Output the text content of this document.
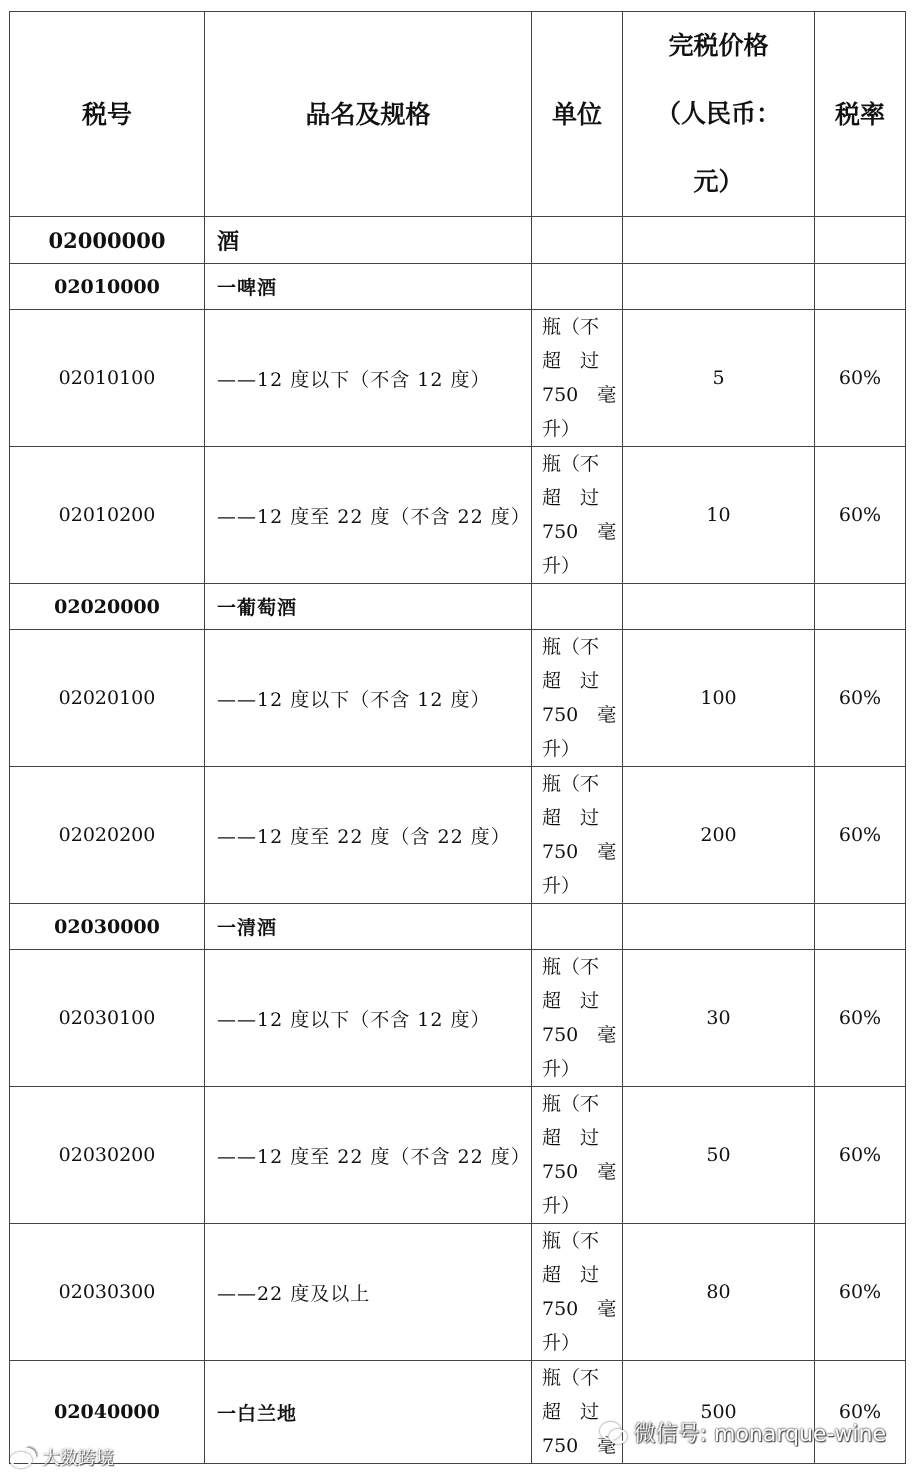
税号	品名及规格	单位	完税价格
（人民币：
元）	税率
02000000	酒			
02010000	一啤酒			
02010100	——12 度以下（不含 12 度）	瓶（不
超　过
750　毫
升）	5	60%
02010200	——12 度至 22 度（不含 22 度）	瓶（不
超　过
750　毫
升）	10	60%
02020000	一葡萄酒			
02020100	——12 度以下（不含 12 度）	瓶（不
超　过
750　毫
升）	100	60%
02020200	——12 度至 22 度（含 22 度）	瓶（不
超　过
750　毫
升）	200	60%
02030000	一清酒			
02030100	——12 度以下（不含 12 度）	瓶（不
超　过
750　毫
升）	30	60%
02030200	——12 度至 22 度（不含 22 度）	瓶（不
超　过
750　毫
升）	50	60%
02030300	——22 度及以上	瓶（不
超　过
750　毫
升）	80	60%
02040000	一白兰地	瓶（不
超　过
750　毫	500	60%
微信号: monarque-wine
大数跨境
